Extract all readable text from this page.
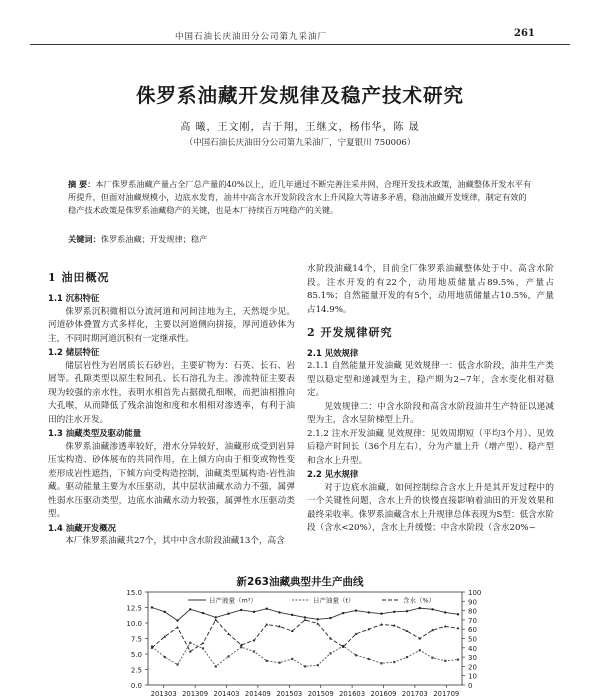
中国石油长庆油田分公司第九采油厂	261
侏罗系油藏开发规律及稳产技术研究
高 曦，王文刚，吉于翔，王继文，杨伟华，陈 晟
（中国石油长庆油田分公司第九采油厂，宁夏银川 750006）
摘 要：本厂侏罗系油藏产量占全厂总产量的40%以上，近几年通过不断完善注采井网、合理开发技术政策，油藏整体开发水平有所提升，但面对油藏规模小，边底水发育，油井中高含水开发阶段含水上升风险大等诸多矛盾，稳油油藏开发规律，制定有效的稳产技术政策是侏罗系油藏稳产的关键，也是本厂持续百万吨稳产的关键。
关键词：侏罗系油藏；开发规律；稳产
1 油田概况
1.1 沉积特征

侏罗系沉积微相以分流河道和河间洼地为主，天然堤少见。河道砂体叠置方式多样化，主要以河道侧向拼接，厚河道砂体为主，不同时期河道沉积有一定继承性。

1.2 储层特征

储层岩性为岩屑质长石砂岩，主要矿物为：石英、长石、岩屑等。孔隙类型以原生粒间孔、长石溶孔为主。渗流特征主要表现为较强的亲水性，表明水相首先占据微孔细喉，而把油相推向大孔喉，从而降低了残余油饱和度和水相相对渗透率，有利于油田的注水开发。

1.3 油藏类型及驱动能量

侏罗系油藏渗透率较好，滑水分异较好，油藏形成受到岩异压实构造、砂体展布的共同作用，在上倾方向由于相变或物性变差形成岩性遮挡，下倾方向受构造控制，油藏类型属构造-岩性油藏。驱动能量主要为水压驱动，其中层状油藏水动力不强，属弹性弱水压驱动类型，边底水油藏水动力较强，属弹性水压驱动类型。

1.4 油藏开发概况

本厂侏罗系油藏共27个，其中中含水阶段油藏13个，高含

水阶段油藏14个，目前全厂侏罗系油藏整体处于中、高含水阶段。注水开发的有22个，动用地质储量占89.5%，产量占85.1%；自然能量开发的有5个，动用地质储量占10.5%，产量占14.9%。

2 开发规律研究
2.1 见效规律

2.1.1 自然能量开发油藏 见效规律一：低含水阶段，油井生产类型以稳定型和递减型为主，稳产期为2~7年，含水变化相对稳定。

见效规律二：中含水阶段和高含水阶段油井生产特征以递减型为主，含水呈阶梯型上升。

2.1.2 注水开发油藏 见效规律：见效周期短（平均3个月）、见效后稳产时间长（36个月左右），分为产量上升（增产型）、稳产型和含水上升型。

2.2 见水规律

对于边底水油藏，如何控制综合含水上升是其开发过程中的一个关键性问题，含水上升的快慢直接影响着油田的开发效果和最终采收率。侏罗系油藏含水上升规律总体表现为S型：低含水阶段（含水<20%），含水上升缓慢；中含水阶段（含水20%~

新263油藏典型井生产曲线
0.0
2.5
5.0
7.5
10.0
12.5
15.0
0
10
20
30
40
50
60
70
80
90
100
201303 201309 201403 201409 201503 201509 201603 201609 201703 201709
日产液量（m³）	日产油量（t）	含水（%）
